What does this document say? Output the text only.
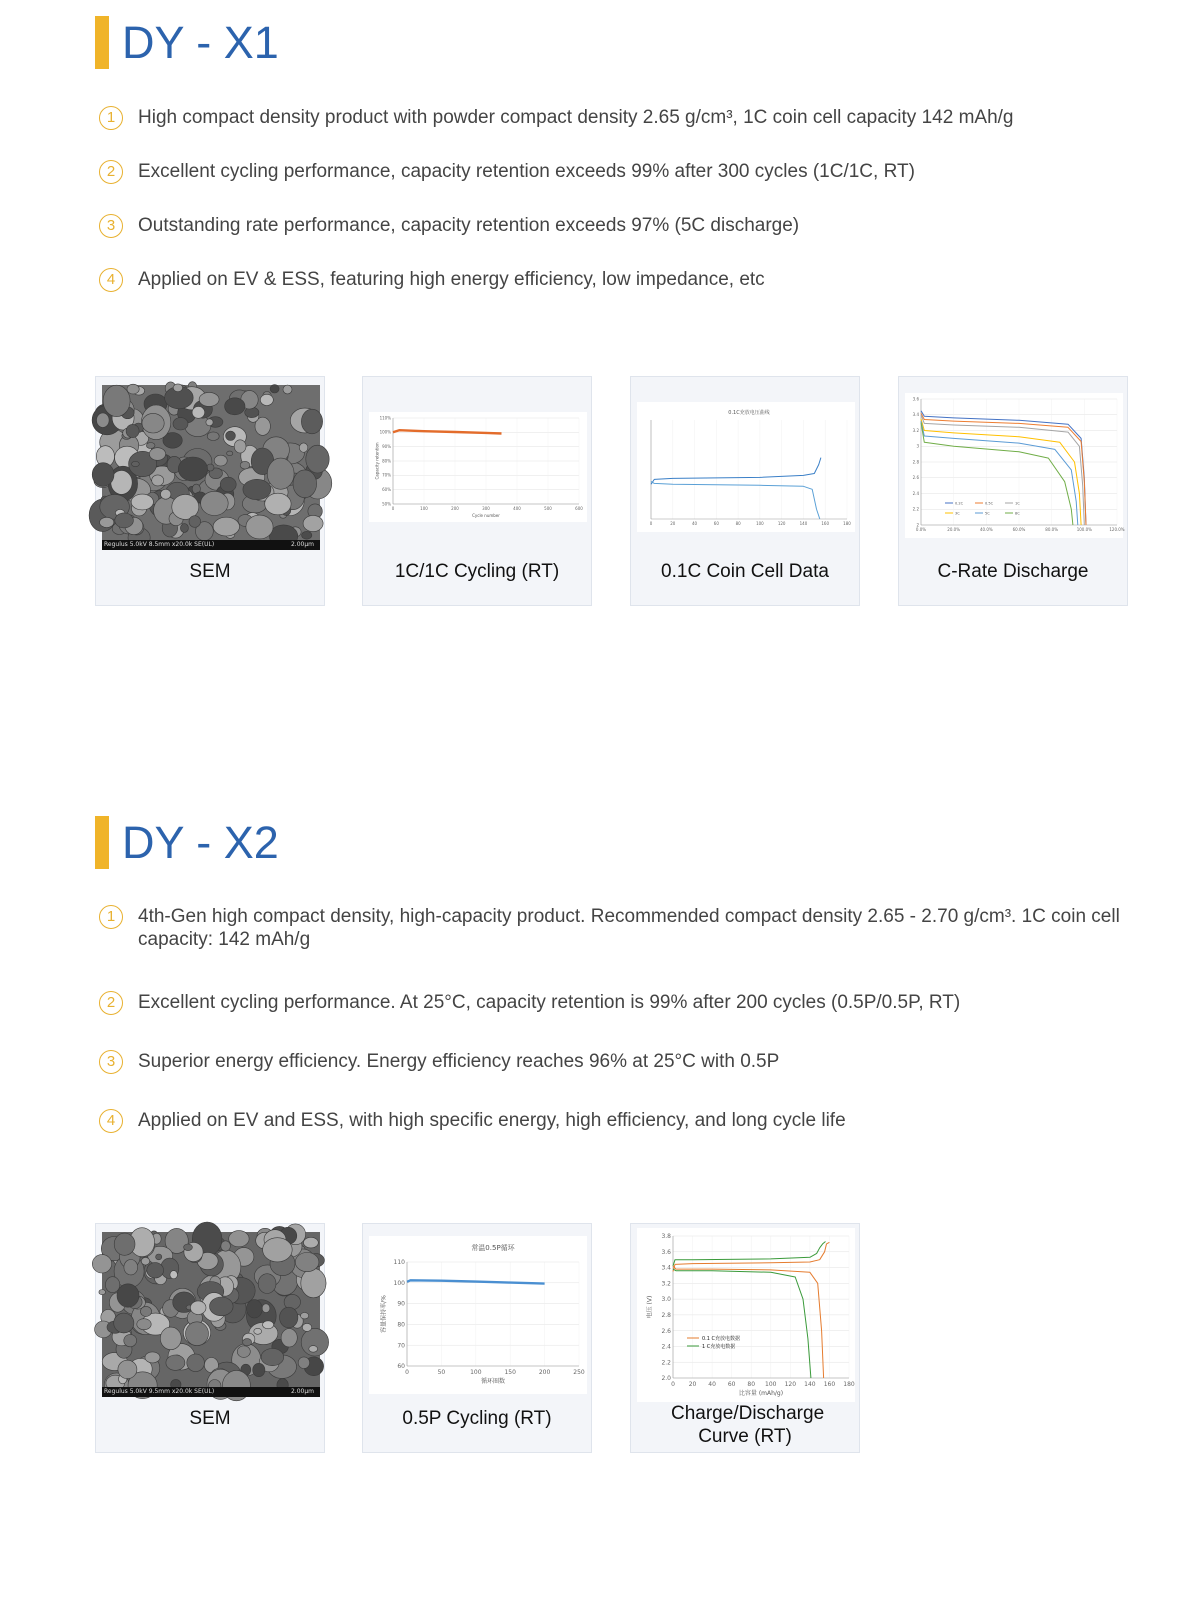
DY - X1
1	High compact density product with powder compact density 2.65 g/cm³, 1C coin cell capacity 142 mAh/g
2	Excellent cycling performance, capacity retention exceeds 99% after 300 cycles (1C/1C, RT)
3	Outstanding rate performance, capacity retention exceeds 97% (5C discharge)
4	Applied on EV & ESS, featuring high energy efficiency, low impedance, etc
Regulus 5.0kV 8.5mm x20.0k SE(UL)	2.00μm
SEM
50%
60%
70%
80%
90%
100%
110%
0	100	200	300	400	500	600
Cycle number
Capacity retention
1C/1C Cycling (RT)
0	20	40	60	80	100	120	140	160	180
0.1C充放电压曲线
0.1C Coin Cell Data
2
2.2
2.4
2.6
2.8
3
3.2
3.4
3.6
0.0%	20.0%	40.0%	60.0%	80.0%	100.0%	120.0%
0.2C	0.5C	1C
3C	5C	8C
C-Rate Discharge
DY - X2
1	4th-Gen high compact density, high-capacity product. Recommended compact density 2.65 - 2.70 g/cm³. 1C coin cell capacity: 142 mAh/g
2	Excellent cycling performance. At 25°C, capacity retention is 99% after 200 cycles (0.5P/0.5P, RT)
3	Superior energy efficiency. Energy efficiency reaches 96% at 25°C with 0.5P
4	Applied on EV and ESS, with high specific energy, high efficiency, and long cycle life
Regulus 5.0kV 9.5mm x20.0k SE(UL)	2.00μm
SEM
60
70
80
90
100
110
0	50	100	150	200	250
常温0.5P循环
循环圈数
容量保持率/%
0.5P Cycling (RT)
2.0
2.2
2.4
2.6
2.8
3.0
3.2
3.4
3.6
3.8
0 20 40 60 80 100 120 140 160 180
比容量 (mAh/g)
电压 (V)
0.1 C充放电数据
1 C充放电数据
Charge/Discharge Curve (RT)
